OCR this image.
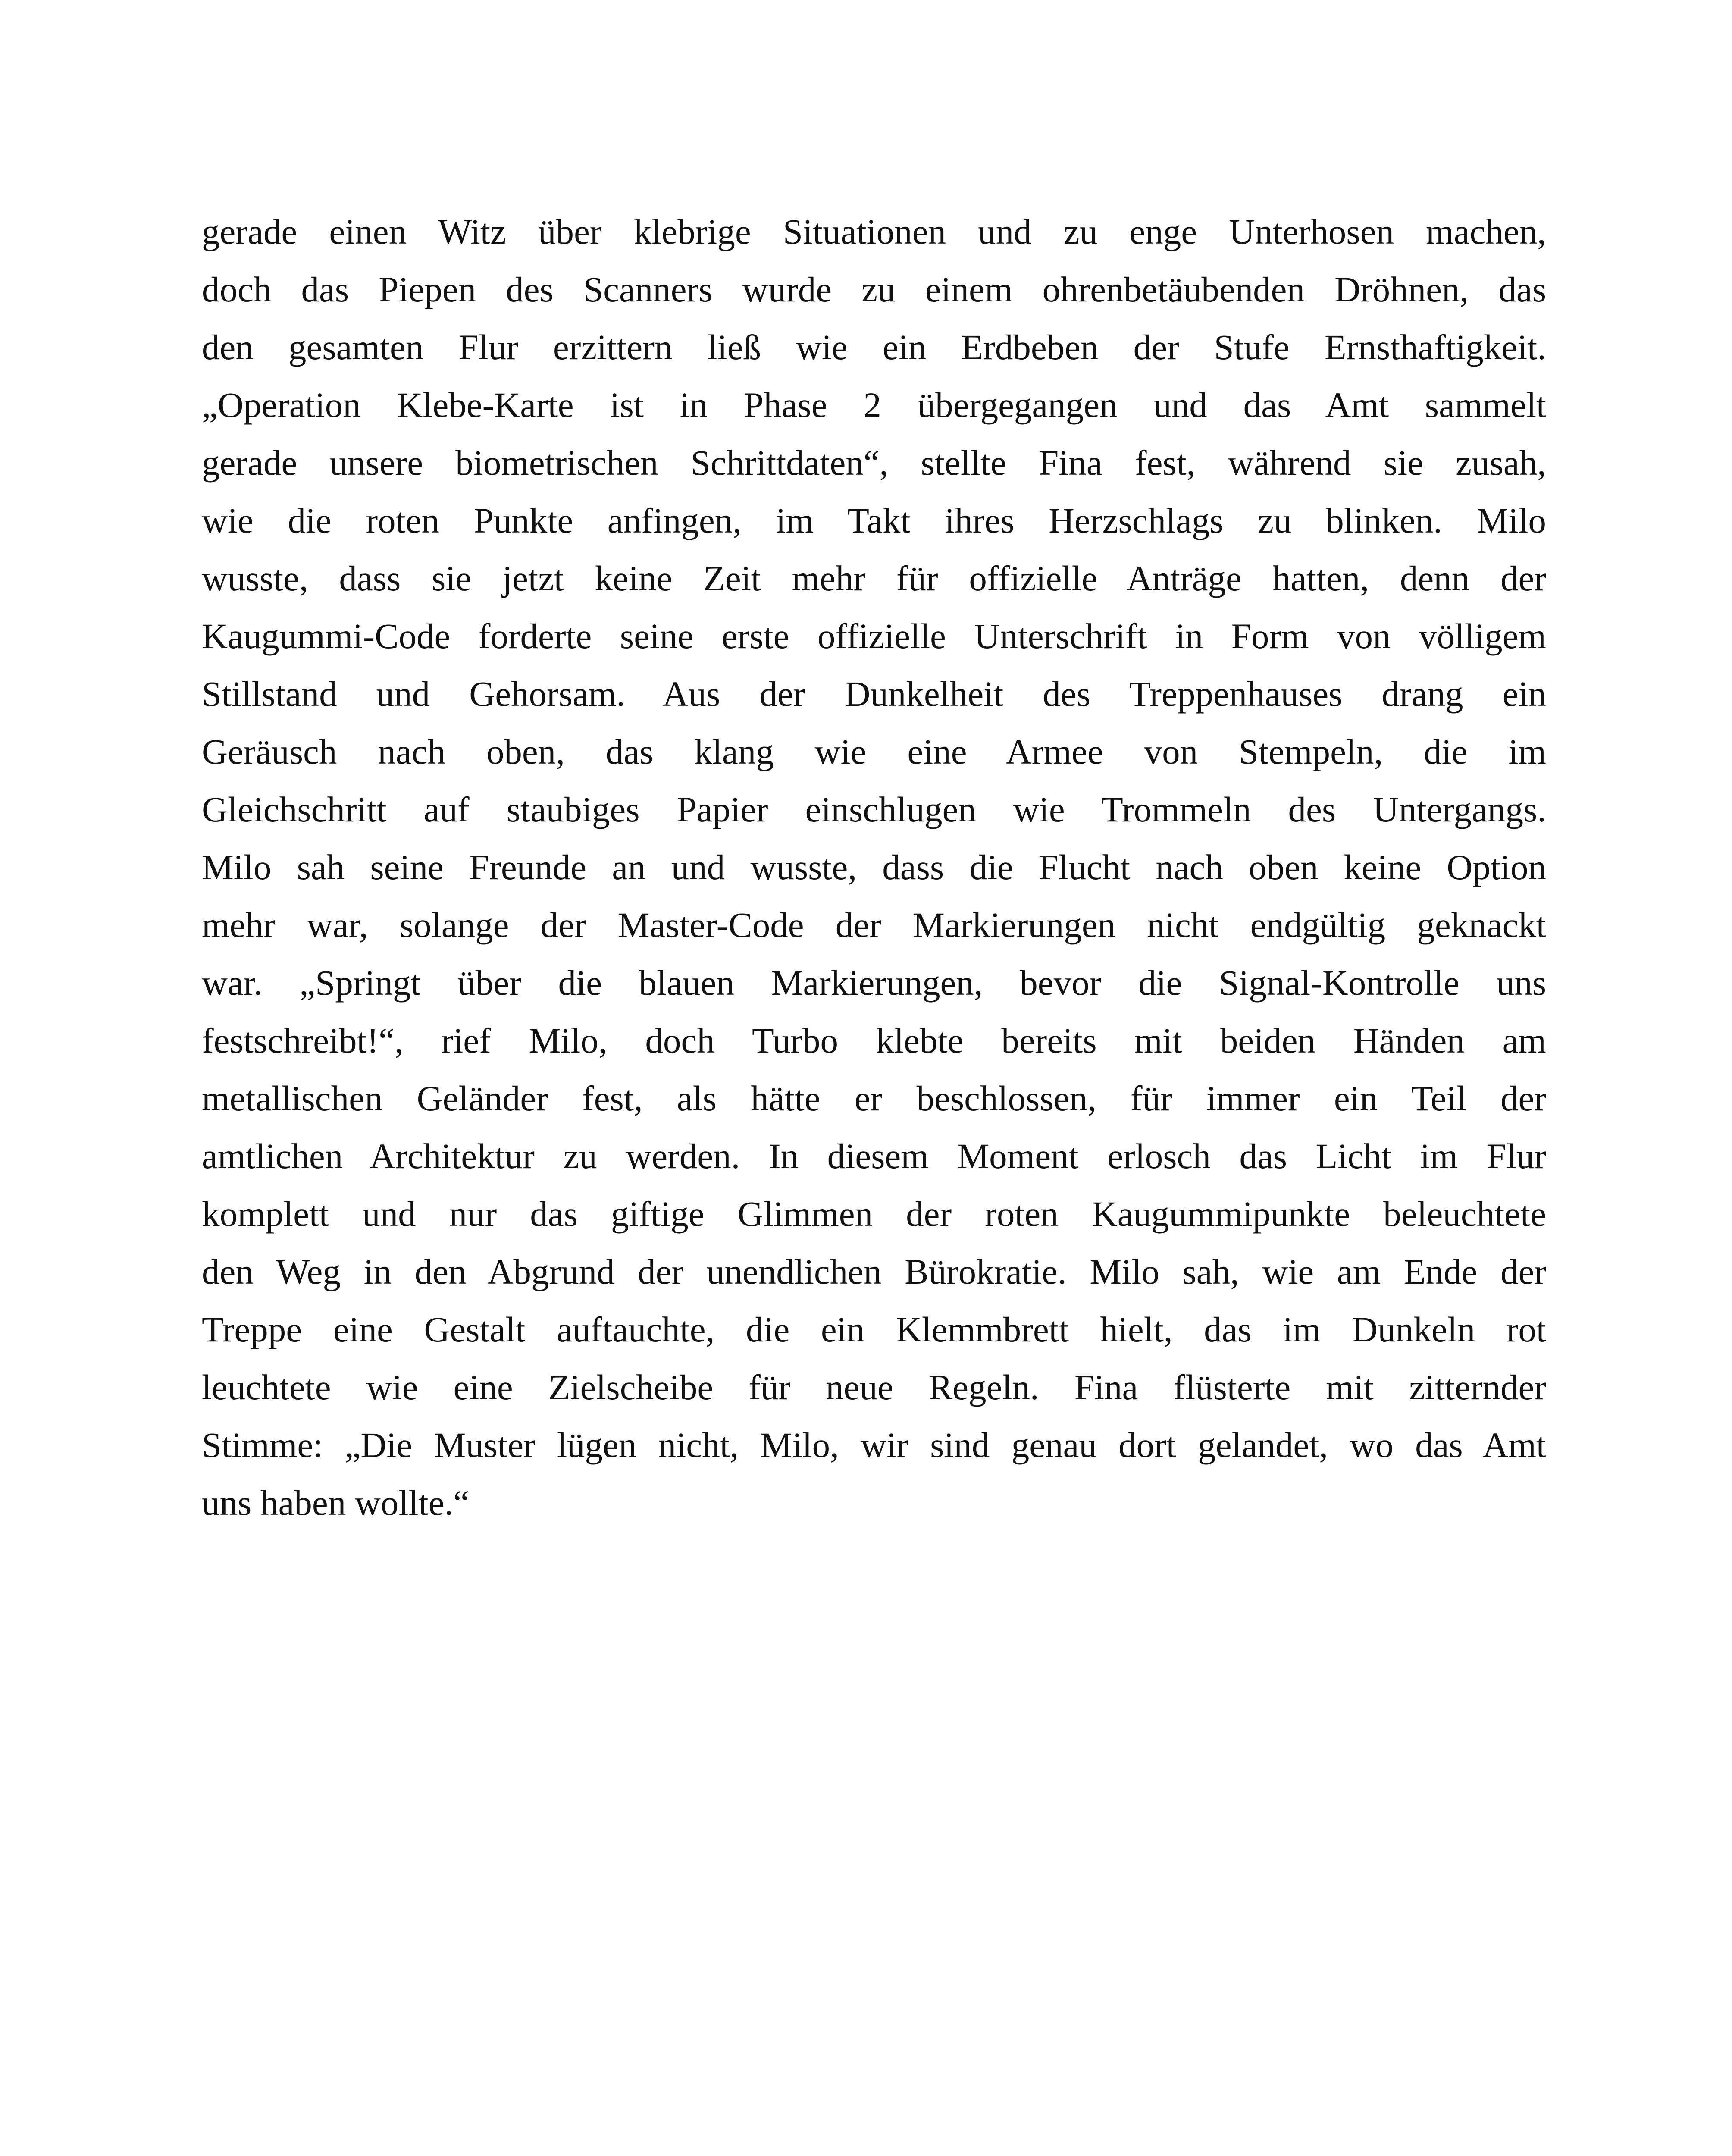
gerade einen Witz über klebrige Situationen und zu enge Unterhosen machen,
doch das Piepen des Scanners wurde zu einem ohrenbetäubenden Dröhnen, das
den gesamten Flur erzittern ließ wie ein Erdbeben der Stufe Ernsthaftigkeit.
„Operation Klebe-Karte ist in Phase 2 übergegangen und das Amt sammelt
gerade unsere biometrischen Schrittdaten“, stellte Fina fest, während sie zusah,
wie die roten Punkte anfingen, im Takt ihres Herzschlags zu blinken. Milo
wusste, dass sie jetzt keine Zeit mehr für offizielle Anträge hatten, denn der
Kaugummi-Code forderte seine erste offizielle Unterschrift in Form von völligem
Stillstand und Gehorsam. Aus der Dunkelheit des Treppenhauses drang ein
Geräusch nach oben, das klang wie eine Armee von Stempeln, die im
Gleichschritt auf staubiges Papier einschlugen wie Trommeln des Untergangs.
Milo sah seine Freunde an und wusste, dass die Flucht nach oben keine Option
mehr war, solange der Master-Code der Markierungen nicht endgültig geknackt
war. „Springt über die blauen Markierungen, bevor die Signal-Kontrolle uns
festschreibt!“, rief Milo, doch Turbo klebte bereits mit beiden Händen am
metallischen Geländer fest, als hätte er beschlossen, für immer ein Teil der
amtlichen Architektur zu werden. In diesem Moment erlosch das Licht im Flur
komplett und nur das giftige Glimmen der roten Kaugummipunkte beleuchtete
den Weg in den Abgrund der unendlichen Bürokratie. Milo sah, wie am Ende der
Treppe eine Gestalt auftauchte, die ein Klemmbrett hielt, das im Dunkeln rot
leuchtete wie eine Zielscheibe für neue Regeln. Fina flüsterte mit zitternder
Stimme: „Die Muster lügen nicht, Milo, wir sind genau dort gelandet, wo das Amt
uns haben wollte.“
